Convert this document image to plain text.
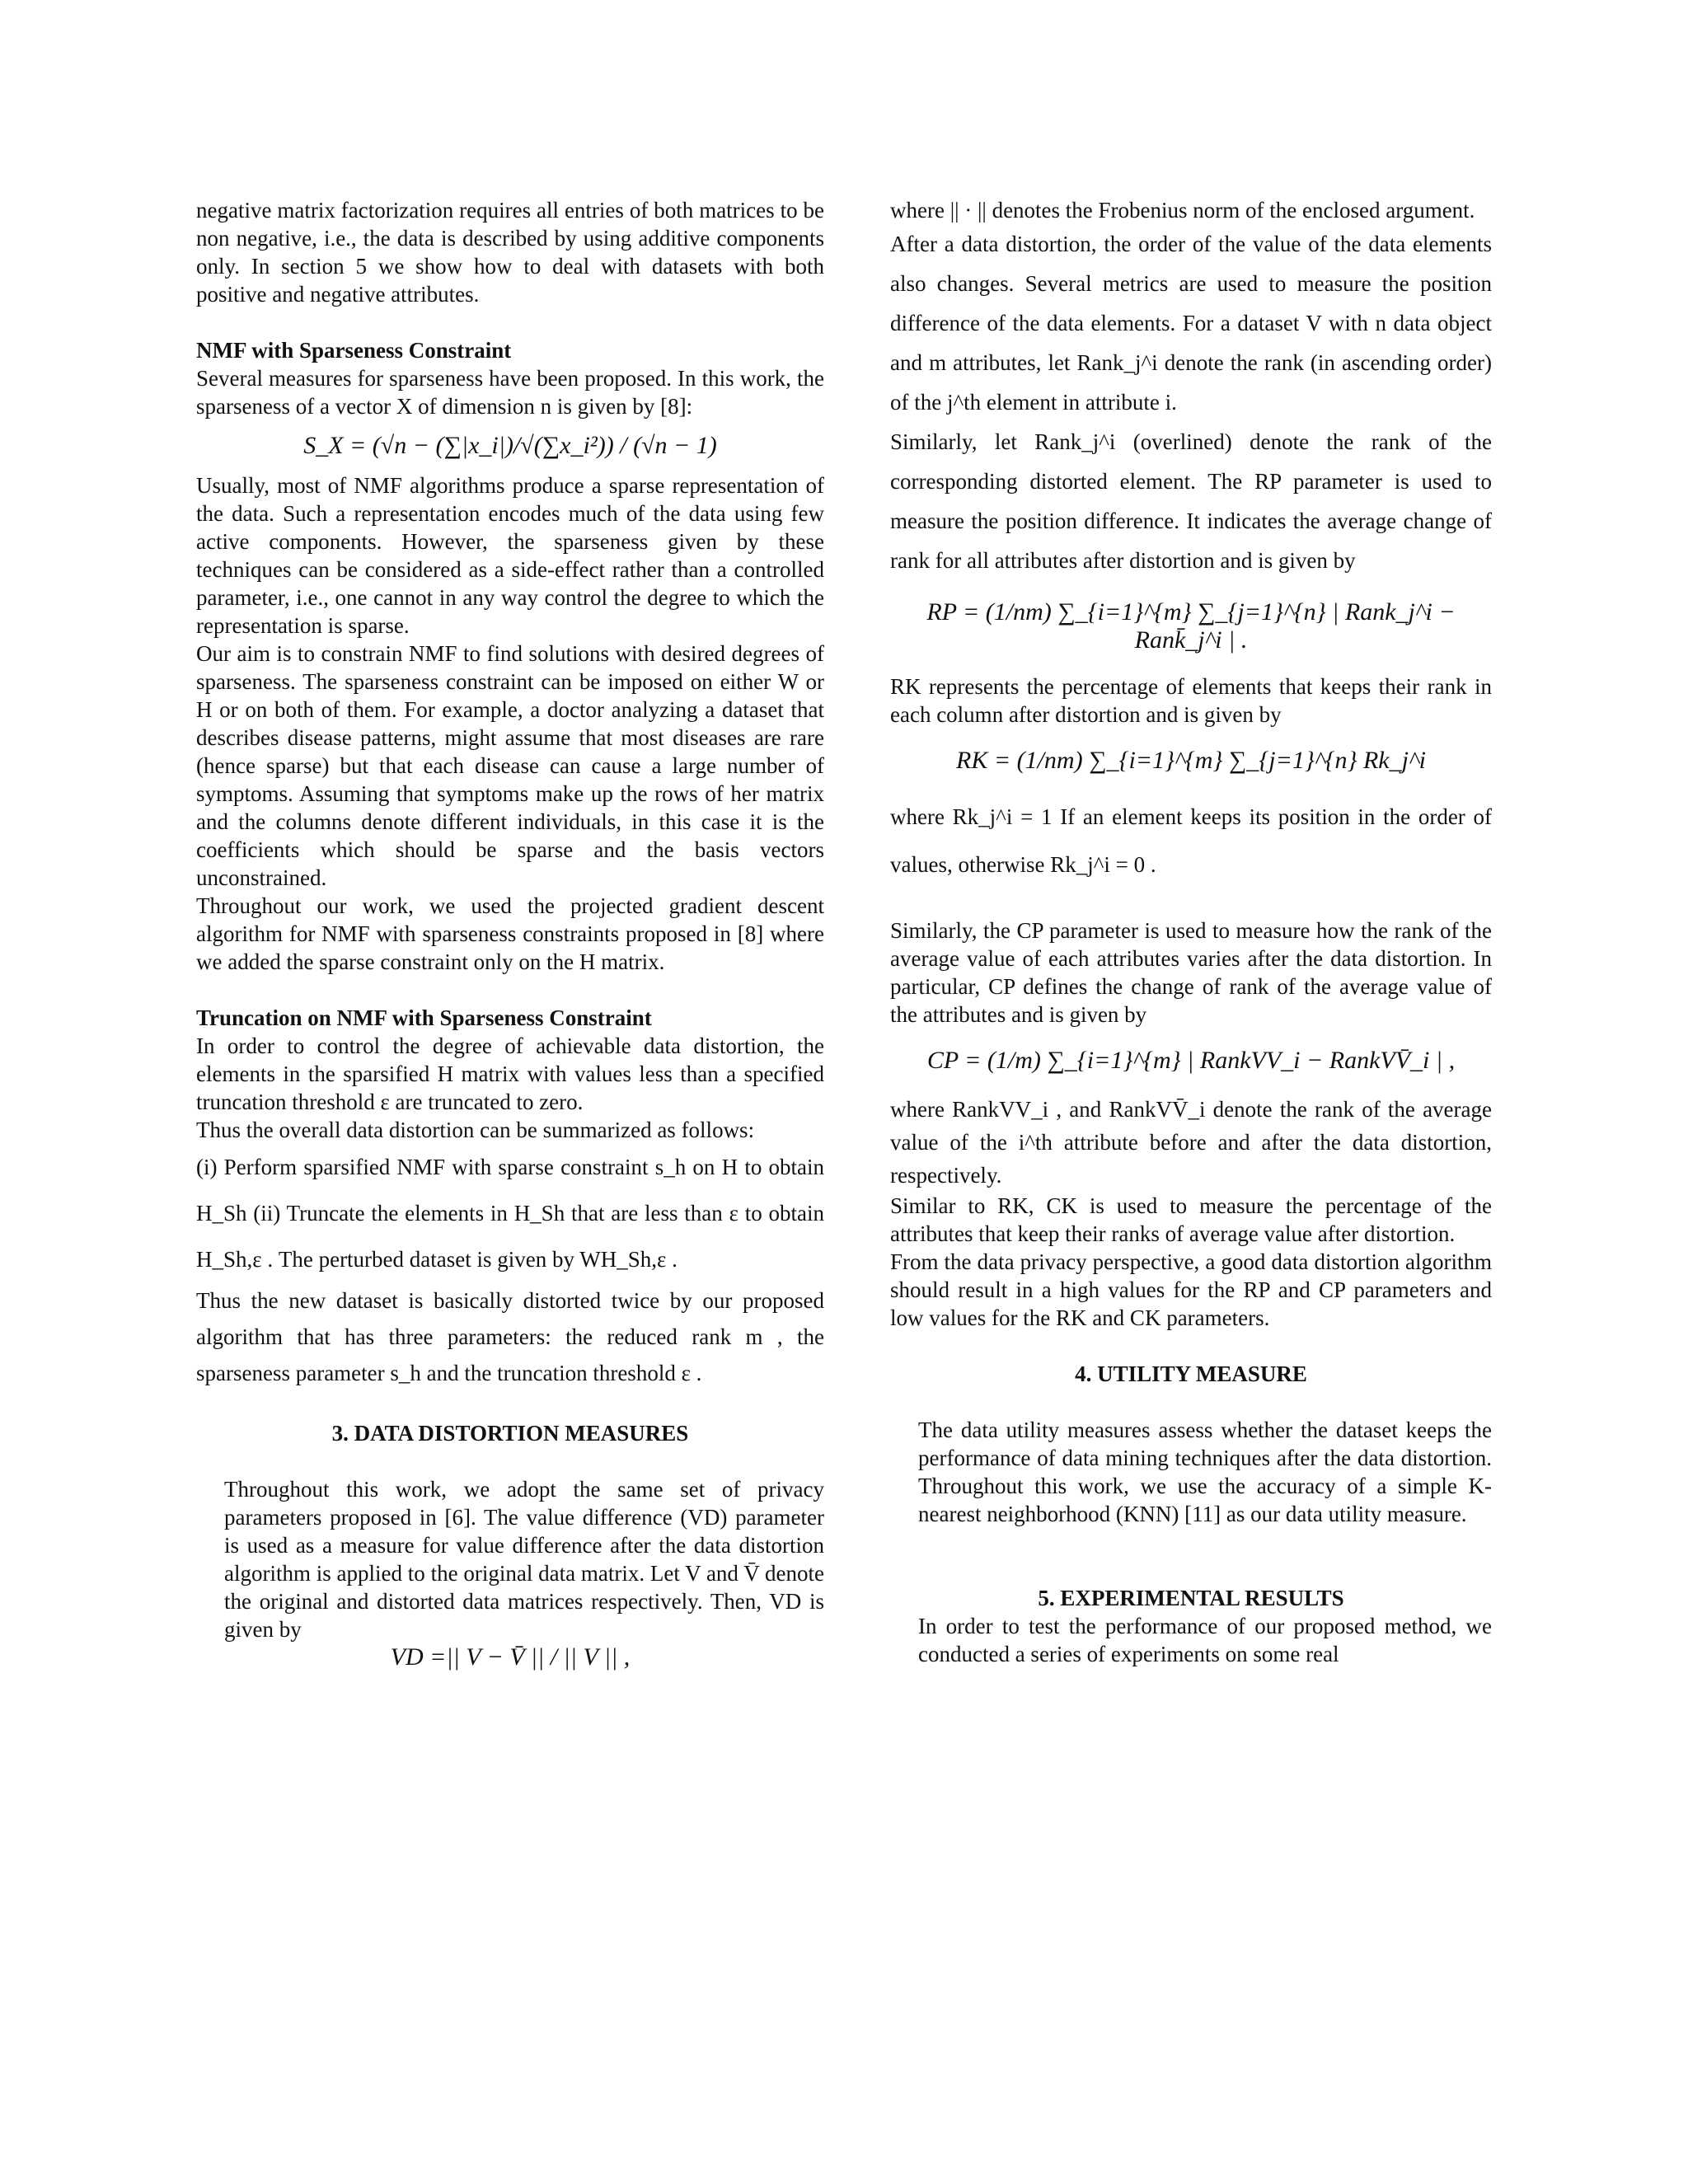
negative matrix factorization requires all entries of both matrices to be non negative, i.e., the data is described by using additive components only. In section 5 we show how to deal with datasets with both positive and negative attributes.

NMF with Sparseness Constraint

Several measures for sparseness have been proposed. In this work, the sparseness of a vector X of dimension n is given by [8]:

S_X = (√n − (∑|x_i|)/√(∑x_i²)) / (√n − 1)

Usually, most of NMF algorithms produce a sparse representation of the data. Such a representation encodes much of the data using few active components. However, the sparseness given by these techniques can be considered as a side-effect rather than a controlled parameter, i.e., one cannot in any way control the degree to which the representation is sparse.

Our aim is to constrain NMF to find solutions with desired degrees of sparseness. The sparseness constraint can be imposed on either W or H or on both of them. For example, a doctor analyzing a dataset that describes disease patterns, might assume that most diseases are rare (hence sparse) but that each disease can cause a large number of symptoms. Assuming that symptoms make up the rows of her matrix and the columns denote different individuals, in this case it is the coefficients which should be sparse and the basis vectors unconstrained.

Throughout our work, we used the projected gradient descent algorithm for NMF with sparseness constraints proposed in [8] where we added the sparse constraint only on the H matrix.

Truncation on NMF with Sparseness Constraint

In order to control the degree of achievable data distortion, the elements in the sparsified H matrix with values less than a specified truncation threshold ε are truncated to zero.

Thus the overall data distortion can be summarized as follows:

(i) Perform sparsified NMF with sparse constraint s_h on H to obtain H_Sh (ii) Truncate the elements in H_Sh that are less than ε to obtain H_Sh,ε . The perturbed dataset is given by WH_Sh,ε .

Thus the new dataset is basically distorted twice by our proposed algorithm that has three parameters: the reduced rank m , the sparseness parameter s_h and the truncation threshold ε .

3. DATA DISTORTION MEASURES

Throughout this work, we adopt the same set of privacy parameters proposed in [6]. The value difference (VD) parameter is used as a measure for value difference after the data distortion algorithm is applied to the original data matrix. Let V and V̄ denote the original and distorted data matrices respectively. Then, VD is given by

VD =|| V − V̄ || / || V || ,

where || · || denotes the Frobenius norm of the enclosed argument.

After a data distortion, the order of the value of the data elements also changes. Several metrics are used to measure the position difference of the data elements. For a dataset V with n data object and m attributes, let Rank_j^i denote the rank (in ascending order) of the j^th element in attribute i.

Similarly, let Rank_j^i (overlined) denote the rank of the corresponding distorted element. The RP parameter is used to measure the position difference. It indicates the average change of rank for all attributes after distortion and is given by

RP = (1/nm) ∑_{i=1}^{m} ∑_{j=1}^{n} | Rank_j^i − Rank̄_j^i | .

RK represents the percentage of elements that keeps their rank in each column after distortion and is given by

RK = (1/nm) ∑_{i=1}^{m} ∑_{j=1}^{n} Rk_j^i

where Rk_j^i = 1 If an element keeps its position in the order of values, otherwise Rk_j^i = 0 .

Similarly, the CP parameter is used to measure how the rank of the average value of each attributes varies after the data distortion. In particular, CP defines the change of rank of the average value of the attributes and is given by

CP = (1/m) ∑_{i=1}^{m} | RankVV_i − RankVV̄_i | ,

where RankVV_i , and RankVV̄_i denote the rank of the average value of the i^th attribute before and after the data distortion, respectively.

Similar to RK, CK is used to measure the percentage of the attributes that keep their ranks of average value after distortion.

From the data privacy perspective, a good data distortion algorithm should result in a high values for the RP and CP parameters and low values for the RK and CK parameters.

4. UTILITY MEASURE

The data utility measures assess whether the dataset keeps the performance of data mining techniques after the data distortion. Throughout this work, we use the accuracy of a simple K-nearest neighborhood (KNN) [11] as our data utility measure.

5. EXPERIMENTAL RESULTS

In order to test the performance of our proposed method, we conducted a series of experiments on some real
